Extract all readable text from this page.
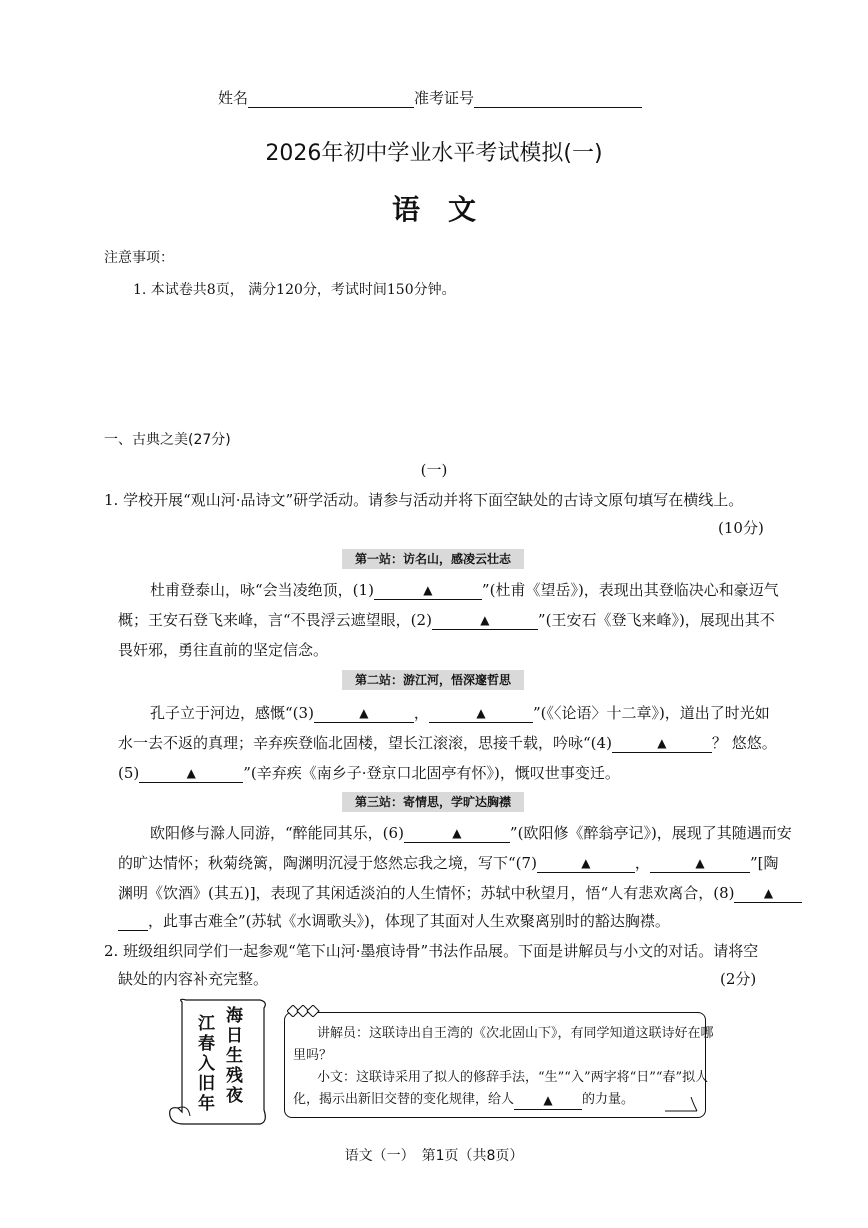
姓名	准考证号
2026年初中学业水平考试模拟(一)
语　文
注意事项：
1. 本试卷共8页， 满分120分，考试时间150分钟。
一、古典之美(27分)
(一)
1. 学校开展“观山河·品诗文”研学活动。请参与活动并将下面空缺处的古诗文原句填写在横线上。
(10分)
第一站：访名山，感凌云壮志
杜甫登泰山，咏“会当凌绝顶，(1)	▲	”(杜甫《望岳》)，表现出其登临决心和豪迈气
概；王安石登飞来峰，言“不畏浮云遮望眼，(2)	▲	”(王安石《登飞来峰》)，展现出其不
畏奸邪，勇往直前的坚定信念。
第二站：游江河，悟深邃哲思
孔子立于河边，感慨“(3)	▲	，	▲	”(《〈论语〉十二章》)，道出了时光如
水一去不返的真理；辛弃疾登临北固楼，望长江滚滚，思接千载，吟咏“(4)	▲	？ 悠悠。
(5)	▲	”(辛弃疾《南乡子·登京口北固亭有怀》)，慨叹世事变迁。
第三站：寄情思，学旷达胸襟
欧阳修与滁人同游，“醉能同其乐，(6)	▲	”(欧阳修《醉翁亭记》)，展现了其随遇而安
的旷达情怀；秋菊绕篱，陶渊明沉浸于悠然忘我之境，写下“(7)	▲	，	▲	”[陶
渊明《饮酒》(其五)]，表现了其闲适淡泊的人生情怀；苏轼中秋望月，悟“人有悲欢离合，(8) ▲
，此事古难全”(苏轼《水调歌头》)，体现了其面对人生欢聚离别时的豁达胸襟。
2. 班级组织同学们一起参观“笔下山河·墨痕诗骨”书法作品展。下面是讲解员与小文的对话。请将空
缺处的内容补充完整。	(2分)
海日生残夜
江春入旧年
讲解员：这联诗出自王湾的《次北固山下》，有同学知道这联诗好在哪
里吗？
小文：这联诗采用了拟人的修辞手法，“生”“入”两字将“日”“春”拟人
化，揭示出新旧交替的变化规律，给人 ▲ 的力量。
语文（一）　第1页（共8页）
